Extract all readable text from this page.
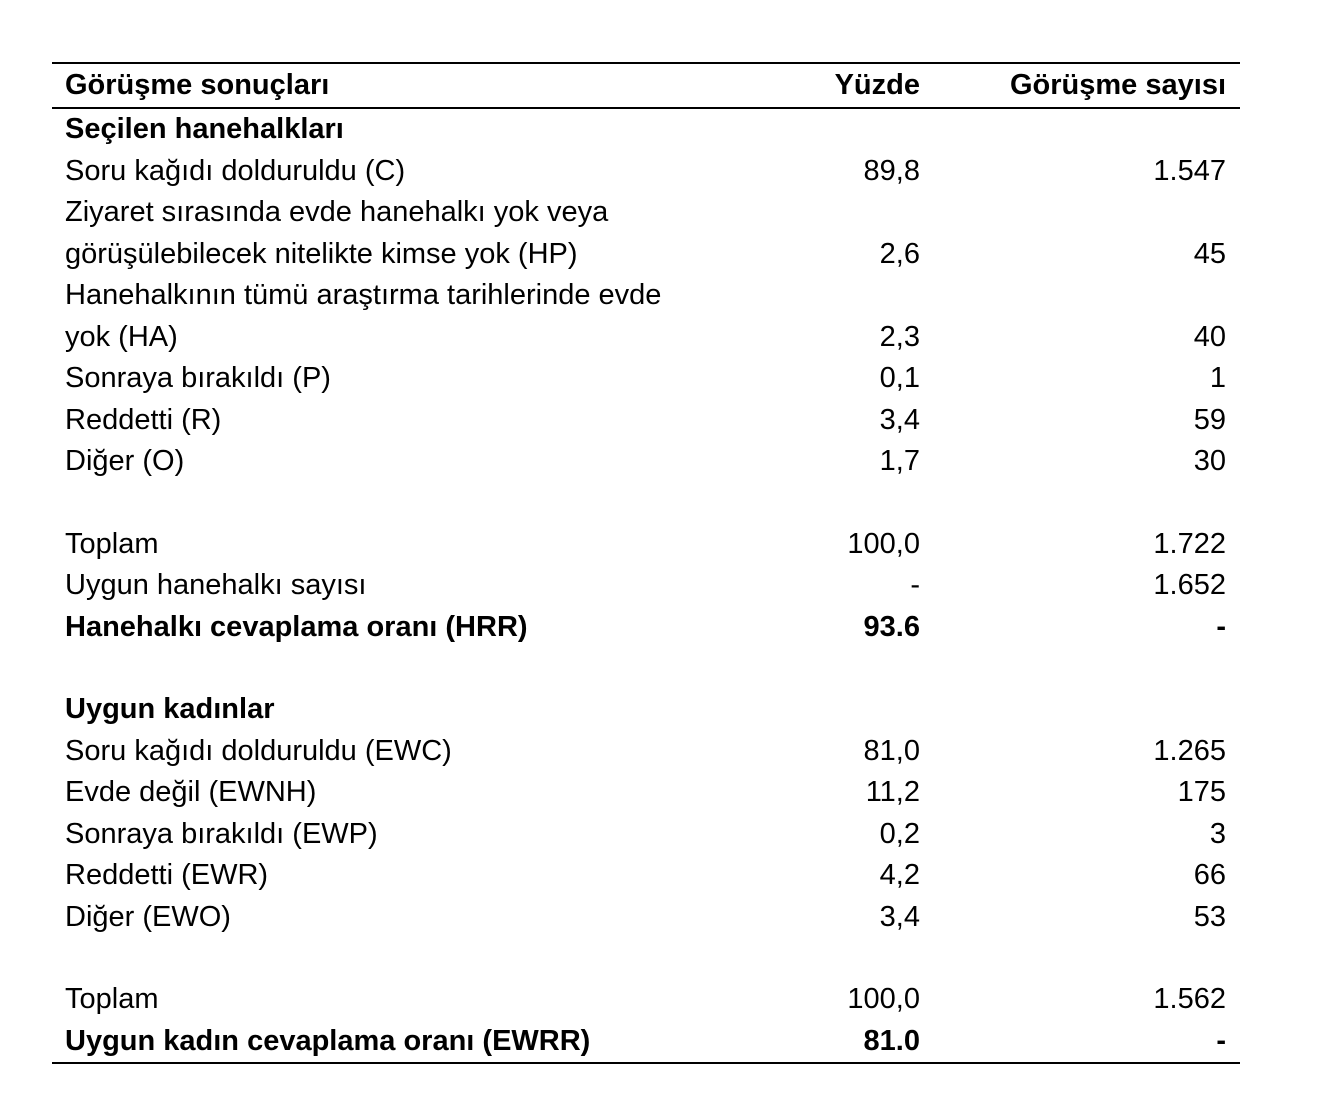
Görüşme sonuçları	Yüzde	Görüşme sayısı
Seçilen hanehalkları
Soru kağıdı dolduruldu (C)	89,8	1.547
Ziyaret sırasında evde hanehalkı yok veya
görüşülebilecek nitelikte kimse yok (HP)	2,6	45
Hanehalkının tümü araştırma tarihlerinde evde
yok (HA)	2,3	40
Sonraya bırakıldı (P)	0,1	1
Reddetti (R)	3,4	59
Diğer (O)	1,7	30
Toplam	100,0	1.722
Uygun hanehalkı sayısı	-	1.652
Hanehalkı cevaplama oranı (HRR)	93.6	-
Uygun kadınlar
Soru kağıdı dolduruldu (EWC)	81,0	1.265
Evde değil (EWNH)	11,2	175
Sonraya bırakıldı (EWP)	0,2	3
Reddetti (EWR)	4,2	66
Diğer (EWO)	3,4	53
Toplam	100,0	1.562
Uygun kadın cevaplama oranı (EWRR)	81.0	-
